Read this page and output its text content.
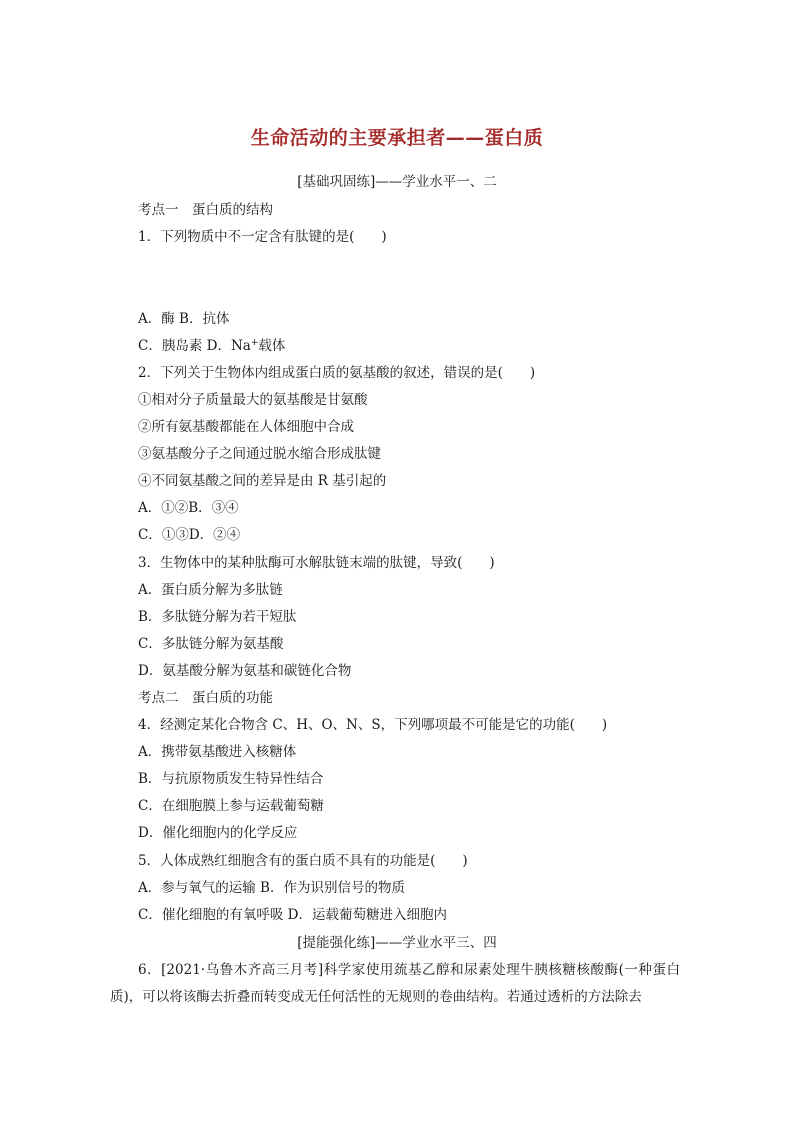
生命活动的主要承担者——蛋白质
[基础巩固练]——学业水平一、二
考点一　蛋白质的结构
1．下列物质中不一定含有肽键的是(　　)
A．酶 B．抗体
C．胰岛素 D．Na+载体
2．下列关于生物体内组成蛋白质的氨基酸的叙述，错误的是(　　)
①相对分子质量最大的氨基酸是甘氨酸
②所有氨基酸都能在人体细胞中合成
③氨基酸分子之间通过脱水缩合形成肽键
④不同氨基酸之间的差异是由 R 基引起的
A．①②B．③④
C．①③D．②④
3．生物体中的某种肽酶可水解肽链末端的肽键，导致(　　)
A．蛋白质分解为多肽链
B．多肽链分解为若干短肽
C．多肽链分解为氨基酸
D．氨基酸分解为氨基和碳链化合物
考点二　蛋白质的功能
4．经测定某化合物含 C、H、O、N、S，下列哪项最不可能是它的功能(　　)
A．携带氨基酸进入核糖体
B．与抗原物质发生特异性结合
C．在细胞膜上参与运载葡萄糖
D．催化细胞内的化学反应
5．人体成熟红细胞含有的蛋白质不具有的功能是(　　)
A．参与氧气的运输 B．作为识别信号的物质
C．催化细胞的有氧呼吸 D．运载葡萄糖进入细胞内
[提能强化练]——学业水平三、四
6．[2021·乌鲁木齐高三月考]科学家使用巯基乙醇和尿素处理牛胰核糖核酸酶(一种蛋白质)，可以将该酶去折叠而转变成无任何活性的无规则的卷曲结构。若通过透析的方法除去
